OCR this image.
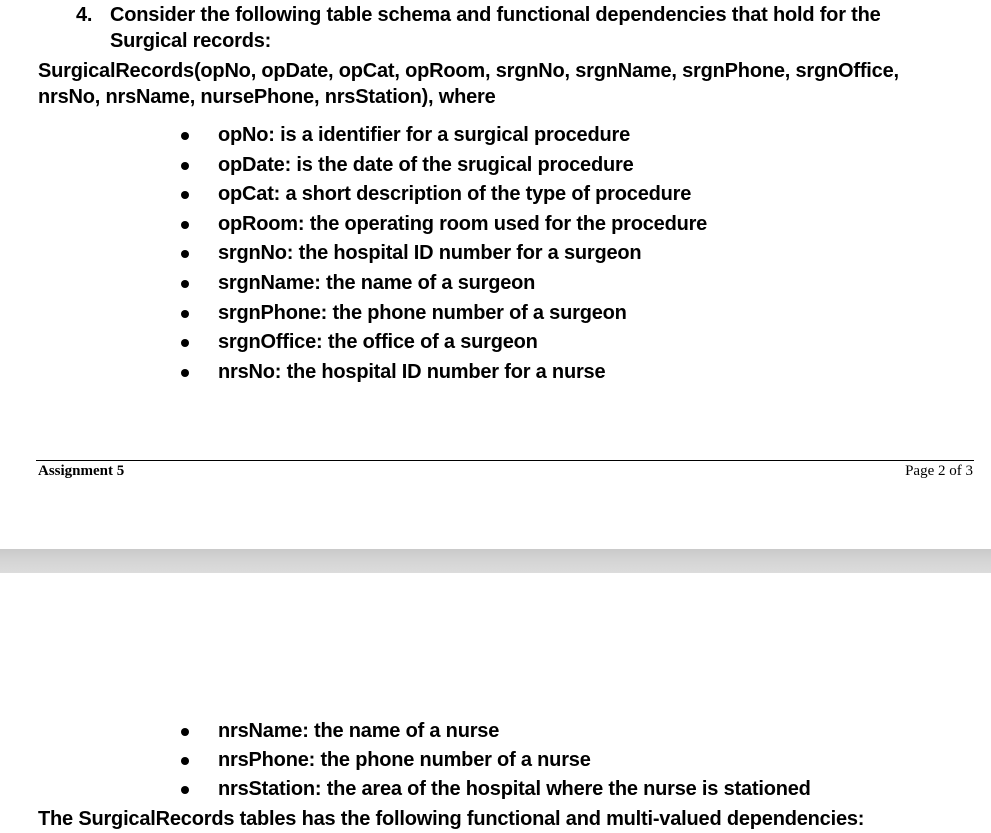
4. Consider the following table schema and functional dependencies that hold for the
Surgical records:
SurgicalRecords(opNo, opDate, opCat, opRoom, srgnNo, srgnName, srgnPhone, srgnOffice,
nrsNo, nrsName, nursePhone, nrsStation), where
opNo: is a identifier for a surgical procedure
opDate: is the date of the srugical procedure
opCat: a short description of the type of procedure
opRoom: the operating room used for the procedure
srgnNo: the hospital ID number for a surgeon
srgnName: the name of a surgeon
srgnPhone: the phone number of a surgeon
srgnOffice: the office of a surgeon
nrsNo: the hospital ID number for a nurse
Assignment 5	Page 2 of 3
nrsName: the name of a nurse
nrsPhone: the phone number of a nurse
nrsStation: the area of the hospital where the nurse is stationed
The SurgicalRecords tables has the following functional and multi-valued dependencies:
